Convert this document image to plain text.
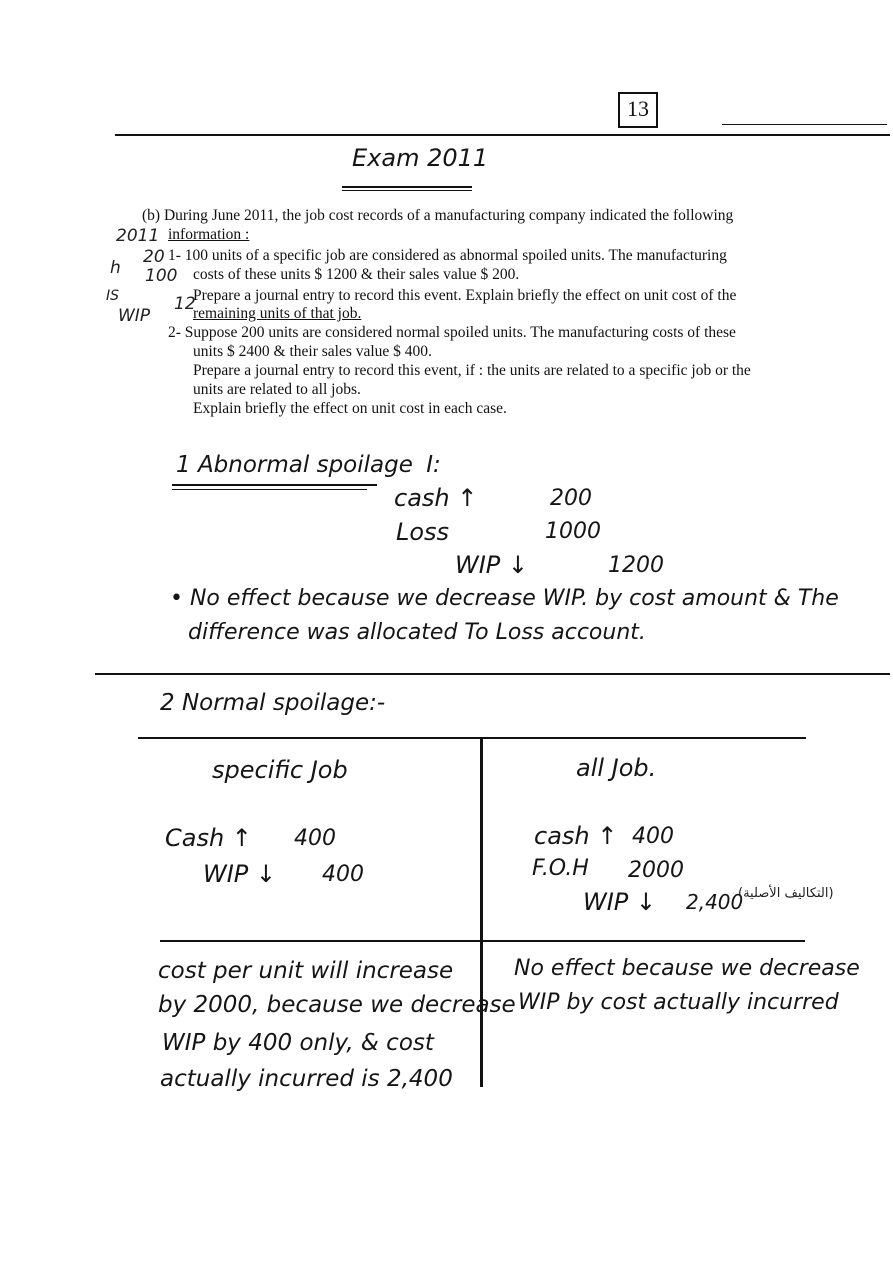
13
Exam 2011
(b) During June 2011, the job cost records of a manufacturing company indicated the following
information :
1- 100 units of a specific job are considered as abnormal spoiled units. The manufacturing
costs of these units $ 1200 & their sales value $ 200.
Prepare a journal entry to record this event. Explain briefly the effect on unit cost of the
remaining units of that job.
2- Suppose 200 units are considered normal spoiled units. The manufacturing costs of these
units $ 2400 & their sales value $ 400.
Prepare a journal entry to record this event, if : the units are related to a specific job or the
units are related to all jobs.
Explain briefly the effect on unit cost in each case.
2011
h
20
100
IS
WIP
12
1 Abnormal spoilage I:
cash ↑	200
Loss	1000
WIP ↓	1200
• No effect because we decrease WIP. by cost amount & The
difference was allocated To Loss account.
2 Normal spoilage:-
specific Job
Cash ↑ 400
WIP ↓ 400
cost per unit will increase
by 2000, because we decrease
WIP by 400 only, & cost
actually incurred is 2,400
all Job.
cash ↑ 400
F.O.H 2000
WIP ↓ 2,400
(التكاليف الأصلية)
No effect because we decrease
WIP by cost actually incurred
